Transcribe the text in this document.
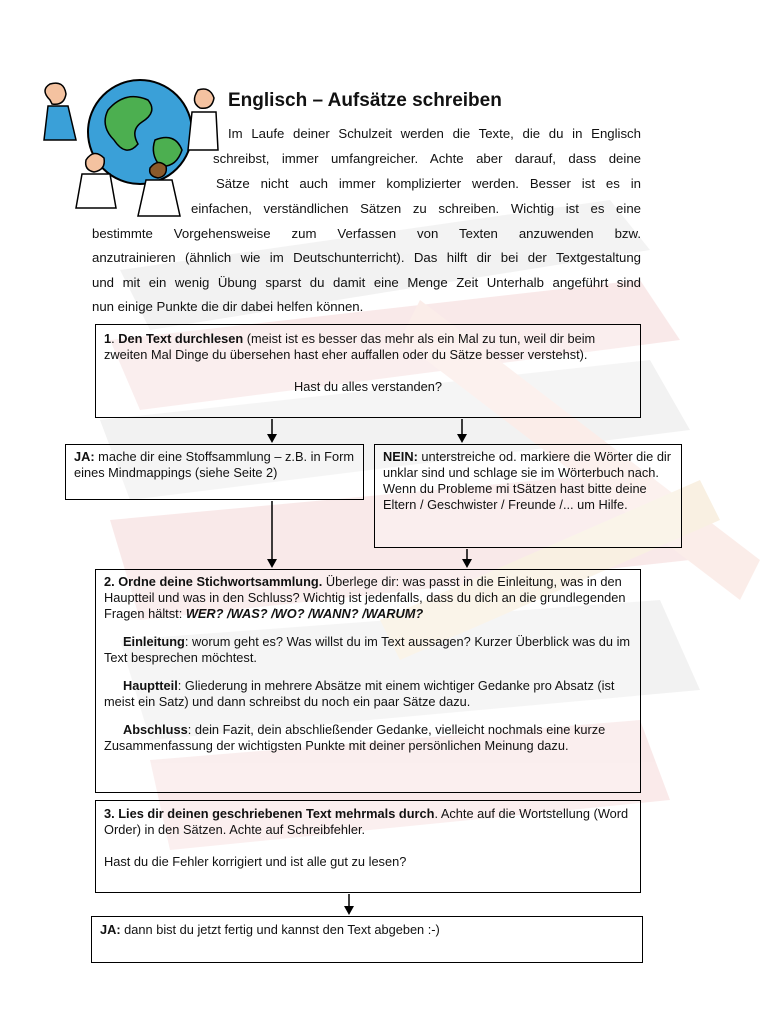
Englisch – Aufsätze schreiben
Im Laufe deiner Schulzeit werden die Texte, die du in Englisch
schreibst, immer umfangreicher. Achte aber darauf, dass deine
Sätze nicht auch immer komplizierter werden. Besser ist es in
einfachen, verständlichen Sätzen zu schreiben. Wichtig ist es eine
bestimmte Vorgehensweise zum Verfassen von Texten anzuwenden bzw.
anzutrainieren (ähnlich wie im Deutschunterricht). Das hilft dir bei der Textgestaltung
und mit ein wenig Übung sparst du damit eine Menge Zeit Unterhalb angeführt sind
nun einige Punkte die dir dabei helfen können.

1. Den Text durchlesen (meist ist es besser das mehr als ein Mal zu tun, weil dir beim zweiten Mal Dinge du übersehen hast eher auffallen oder du Sätze besser verstehst).

Hast du alles verstanden?

JA: mache dir eine Stoffsammlung – z.B. in Form eines Mindmappings (siehe Seite 2)

NEIN: unterstreiche od. markiere die Wörter die dir unklar sind und schlage sie im Wörterbuch nach. Wenn du Probleme mi tSätzen hast bitte deine Eltern / Geschwister / Freunde /... um Hilfe.

2. Ordne deine Stichwortsammlung. Überlege dir: was passt in die Einleitung, was in den Hauptteil und was in den Schluss? Wichtig ist jedenfalls, dass du dich an die grundlegenden Fragen hältst: WER? /WAS? /WO? /WANN? /WARUM?

Einleitung: worum geht es? Was willst du im Text aussagen? Kurzer Überblick was du im Text besprechen möchtest.

Hauptteil: Gliederung in mehrere Absätze mit einem wichtiger Gedanke pro Absatz (ist meist ein Satz) und dann schreibst du noch ein paar Sätze dazu.

Abschluss: dein Fazit, dein abschließender Gedanke, vielleicht nochmals eine kurze Zusammenfassung der wichtigsten Punkte mit deiner persönlichen Meinung dazu.

3. Lies dir deinen geschriebenen Text mehrmals durch. Achte auf die Wortstellung (Word Order) in den Sätzen. Achte auf Schreibfehler.

Hast du die Fehler korrigiert und ist alle gut zu lesen?

JA: dann bist du jetzt fertig und kannst den Text abgeben :-)
